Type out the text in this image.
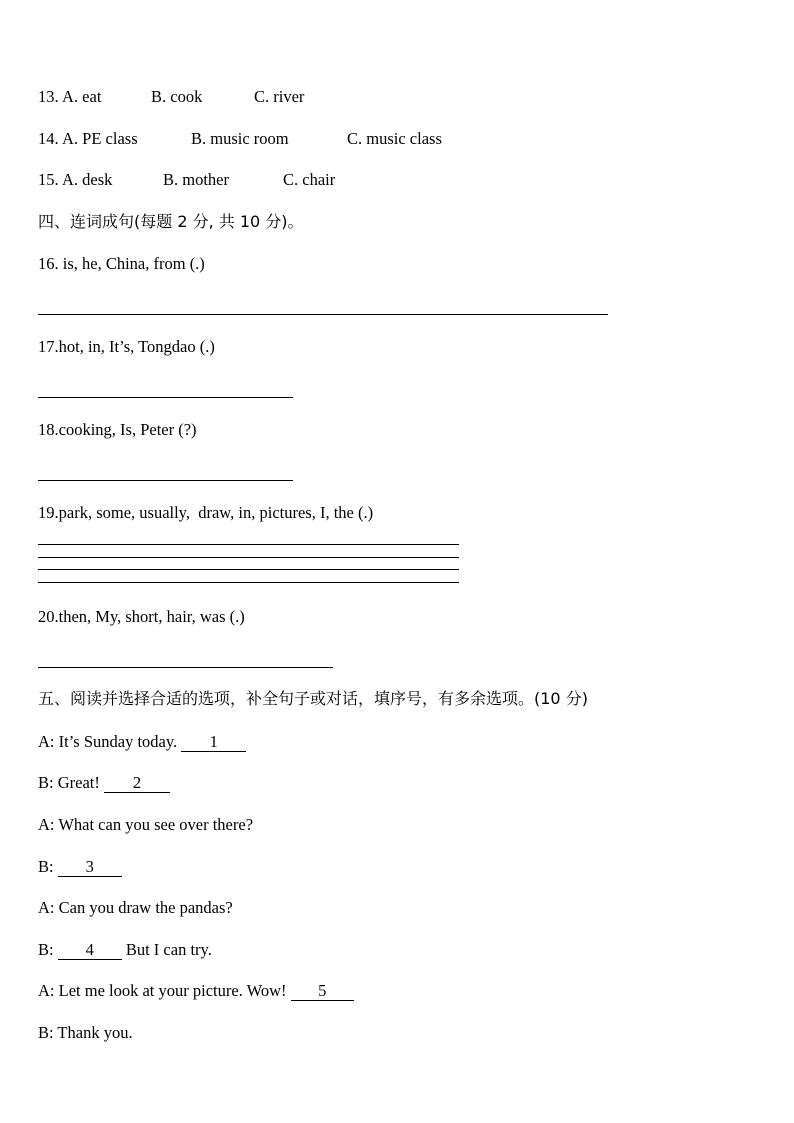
13. A. eat	B. cook	C. river
14. A. PE class	B. music room	C. music class
15. A. desk	B. mother	C. chair
四、连词成句(每题 2 分, 共 10 分)。
16. is, he, China, from (.)
17.hot, in, It’s, Tongdao (.)
18.cooking, Is, Peter (?)
19.park, some, usually,  draw, in, pictures, I, the (.)
20.then, My, short, hair, was (.)
五、阅读并选择合适的选项，补全句子或对话，填序号，有多余选项。(10 分)
A: It’s Sunday today. 1
B: Great! 2
A: What can you see over there?
B: 3
A: Can you draw the pandas?
B: 4 But I can try.
A: Let me look at your picture. Wow! 5
B: Thank you.
